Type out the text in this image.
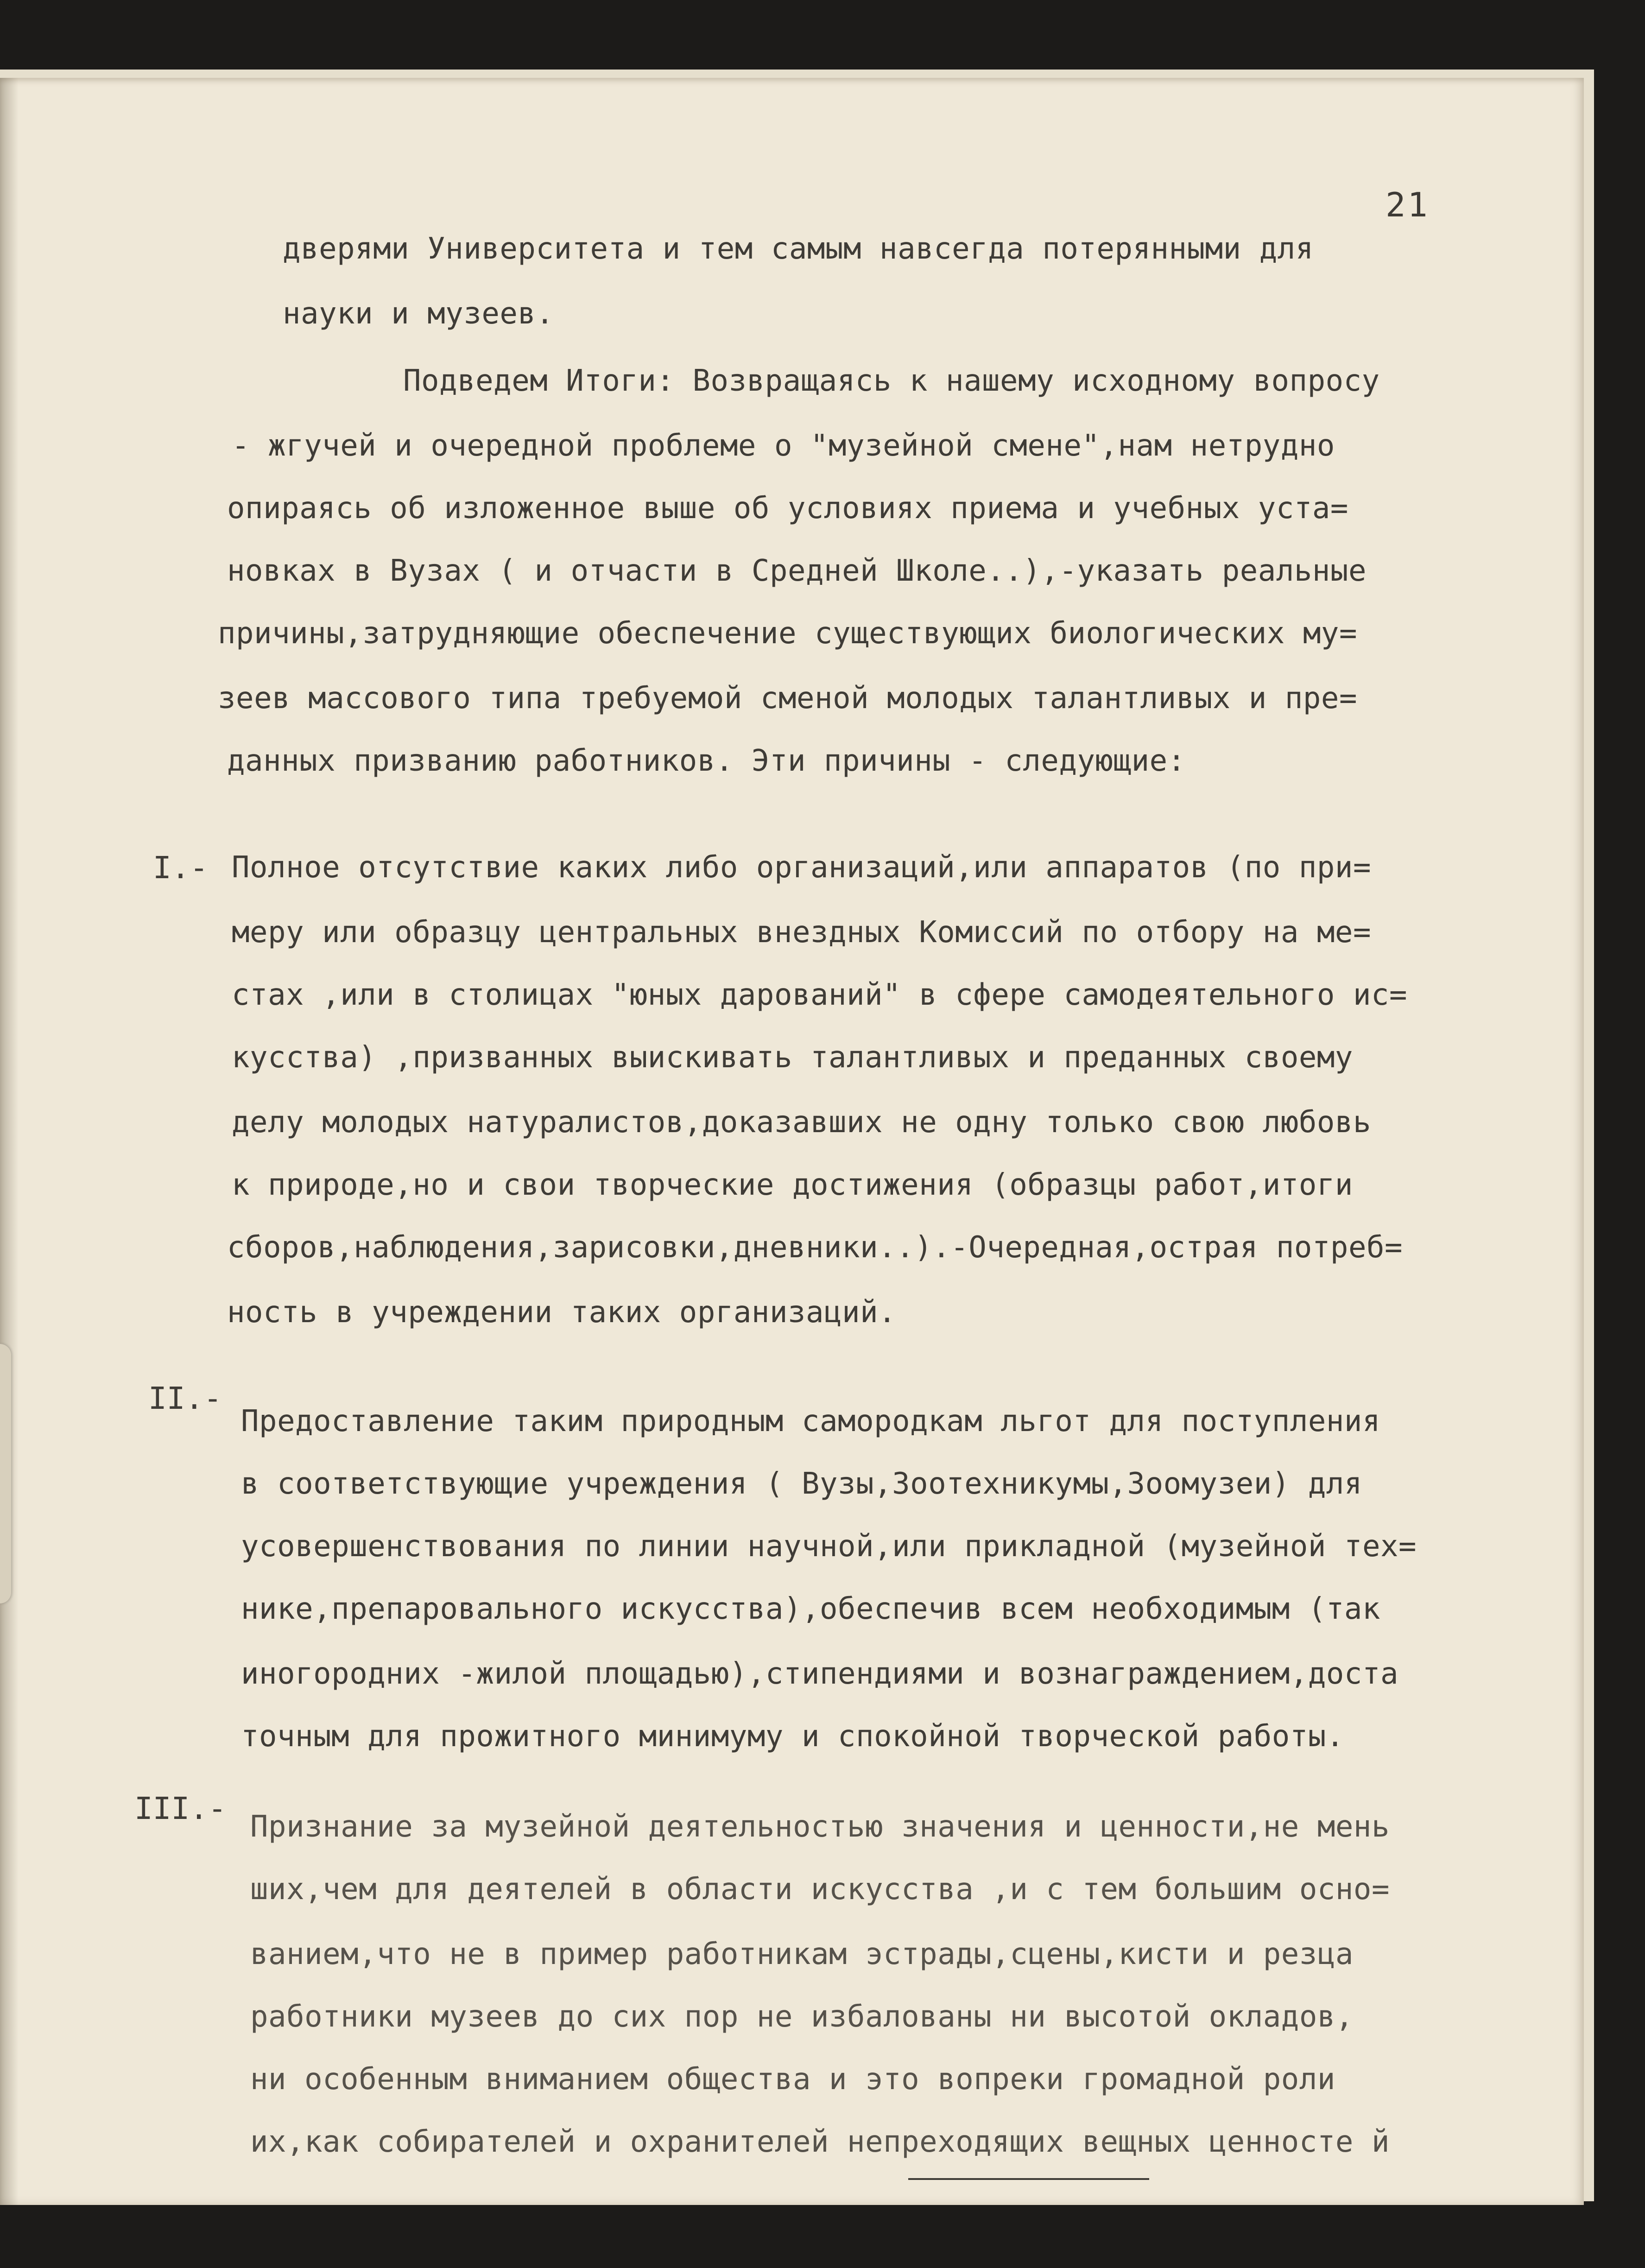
21
дверями Университета и тем самым навсегда потерянными для
науки и музеев.
Подведем Итоги: Возвращаясь к нашему исходному вопросу
- жгучей и очередной проблеме о "музейной смене",нам нетрудно
опираясь об изложенное выше об условиях приема и учебных уста=
новках в Вузах ( и отчасти в Средней Школе..),-указать реальные
причины,затрудняющие обеспечение существующих биологических му=
зеев массового типа требуемой сменой молодых талантливых и пре=
данных призванию работников. Эти причины - следующие:
I.- Полное отсутствие каких либо организаций,или аппаратов (по при=
меру или образцу центральных внездных Комиссий по отбору на ме=
стах ,или в столицах "юных дарований" в сфере самодеятельного ис=
кусства) ,призванных выискивать талантливых и преданных своему
делу молодых натуралистов,доказавших не одну только свою любовь
к природе,но и свои творческие достижения (образцы работ,итоги
сборов,наблюдения,зарисовки,дневники..).-Очередная,острая потреб=
ность в учреждении таких организаций.
II.-
Предоставление таким природным самородкам льгот для поступления
в соответствующие учреждения ( Вузы,Зоотехникумы,Зоомузеи) для
усовершенствования по линии научной,или прикладной (музейной тех=
нике,препаровального искусства),обеспечив всем необходимым (так
иногородних -жилой площадью),стипендиями и вознаграждением,доста
точным для прожитного минимуму и спокойной творческой работы.
III.-
Признание за музейной деятельностью значения и ценности,не мень
ших,чем для деятелей в области искусства ,и с тем большим осно=
ванием,что не в пример работникам эстрады,сцены,кисти и резца
работники музеев до сих пор не избалованы ни высотой окладов,
ни особенным вниманием общества и это вопреки громадной роли
их,как собирателей и охранителей непреходящих вещных ценносте й
